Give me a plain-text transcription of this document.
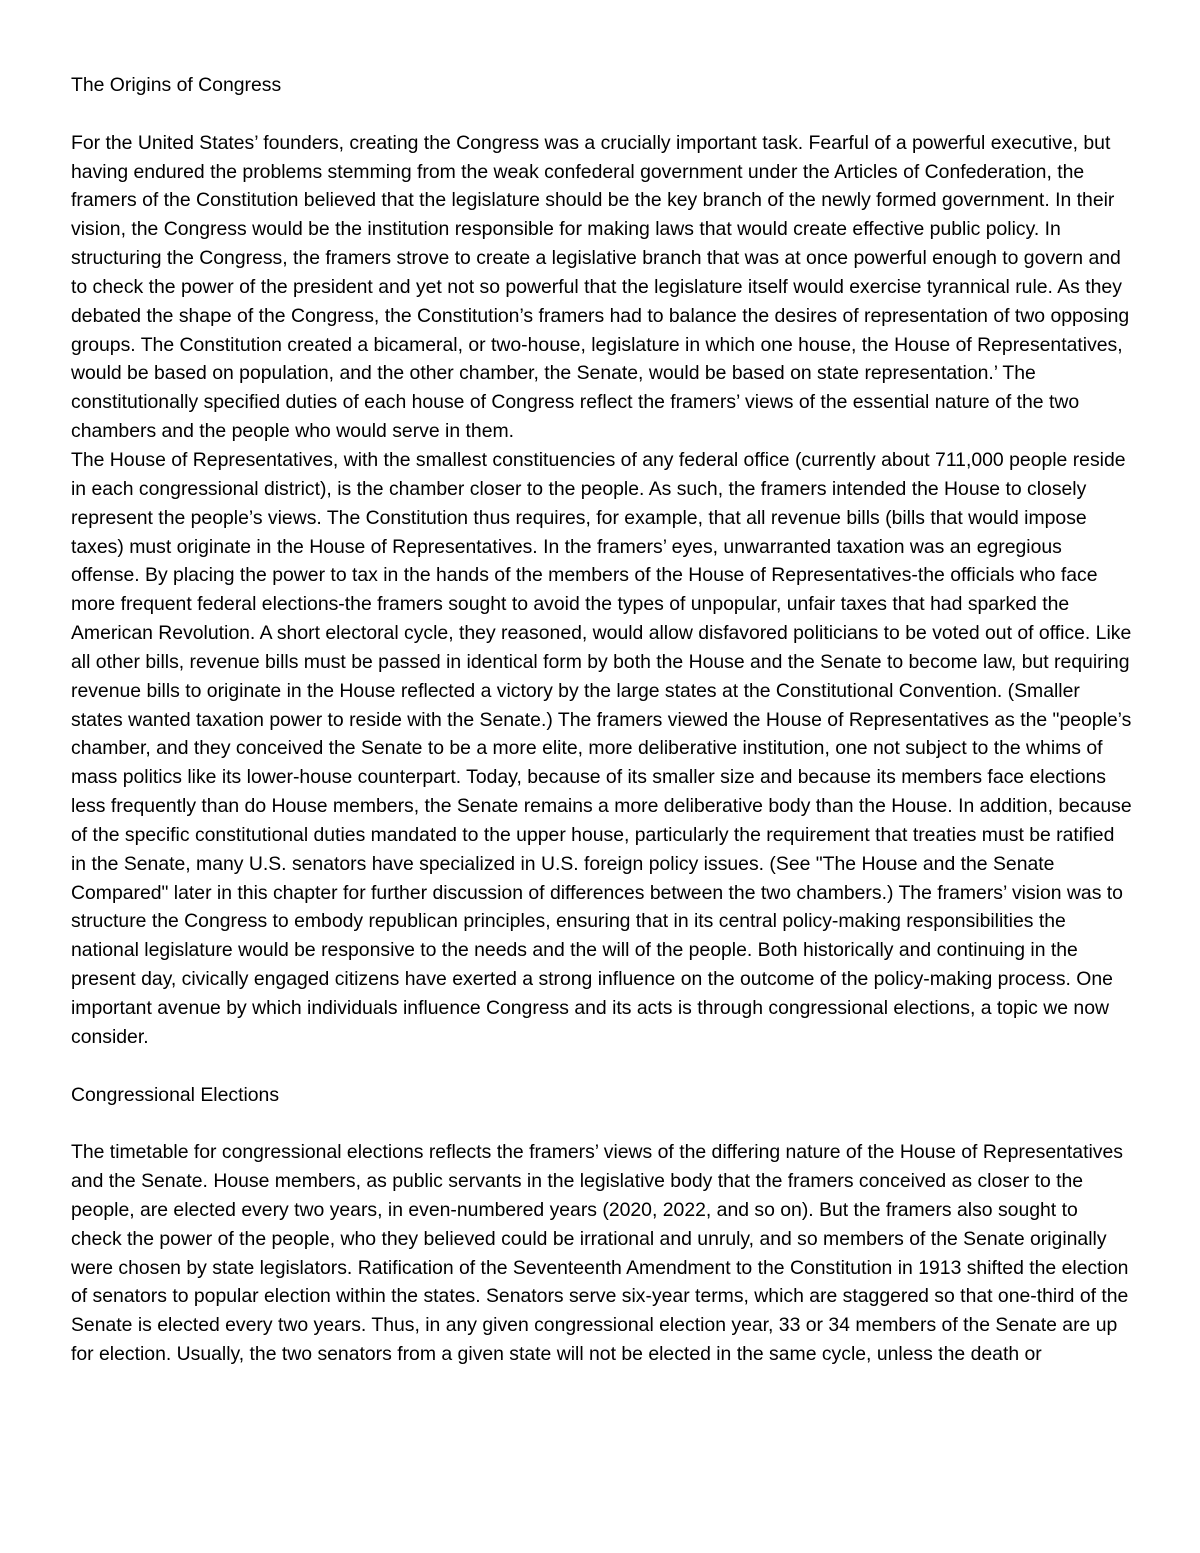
The Origins of Congress

For the United States’ founders, creating the Congress was a crucially important task. Fearful of a powerful executive, but having endured the problems stemming from the weak confederal government under the Articles of Confederation, the framers of the Constitution believed that the legislature should be the key branch of the newly formed government. In their vision, the Congress would be the institution responsible for making laws that would create effective public policy. In structuring the Congress, the framers strove to create a legislative branch that was at once powerful enough to govern and to check the power of the president and yet not so powerful that the legislature itself would exercise tyrannical rule. As they debated the shape of the Congress, the Constitution’s framers had to balance the desires of representation of two opposing groups. The Constitution created a bicameral, or two-house, legislature in which one house, the House of Representatives, would be based on population, and the other chamber, the Senate, would be based on state representation.’ The constitutionally specified duties of each house of Congress reflect the framers’ views of the essential nature of the two chambers and the people who would serve in them.

The House of Representatives, with the smallest constituencies of any federal office (currently about 711,000 people reside in each congressional district), is the chamber closer to the people. As such, the framers intended the House to closely represent the people’s views. The Constitution thus requires, for example, that all revenue bills (bills that would impose taxes) must originate in the House of Representatives. In the framers’ eyes, unwarranted taxation was an egregious offense. By placing the power to tax in the hands of the members of the House of Representatives-the officials who face more frequent federal elections-the framers sought to avoid the types of unpopular, unfair taxes that had sparked the American Revolution. A short electoral cycle, they reasoned, would allow disfavored politicians to be voted out of office. Like all other bills, revenue bills must be passed in identical form by both the House and the Senate to become law, but requiring revenue bills to originate in the House reflected a victory by the large states at the Constitutional Convention. (Smaller states wanted taxation power to reside with the Senate.) The framers viewed the House of Representatives as the "people’s chamber, and they conceived the Senate to be a more elite, more deliberative institution, one not subject to the whims of mass politics like its lower-house counterpart. Today, because of its smaller size and because its members face elections less frequently than do House members, the Senate remains a more deliberative body than the House. In addition, because of the specific constitutional duties mandated to the upper house, particularly the requirement that treaties must be ratified in the Senate, many U.S. senators have specialized in U.S. foreign policy issues. (See "The House and the Senate Compared" later in this chapter for further discussion of differences between the two chambers.) The framers’ vision was to structure the Congress to embody republican principles, ensuring that in its central policy-making responsibilities the national legislature would be responsive to the needs and the will of the people. Both historically and continuing in the present day, civically engaged citizens have exerted a strong influence on the outcome of the policy-making process. One important avenue by which individuals influence Congress and its acts is through congressional elections, a topic we now consider.

Congressional Elections

The timetable for congressional elections reflects the framers’ views of the differing nature of the House of Representatives and the Senate. House members, as public servants in the legislative body that the framers conceived as closer to the people, are elected every two years, in even-numbered years (2020, 2022, and so on). But the framers also sought to check the power of the people, who they believed could be irrational and unruly, and so members of the Senate originally were chosen by state legislators. Ratification of the Seventeenth Amendment to the Constitution in 1913 shifted the election of senators to popular election within the states. Senators serve six-year terms, which are staggered so that one-third of the Senate is elected every two years. Thus, in any given congressional election year, 33 or 34 members of the Senate are up for election. Usually, the two senators from a given state will not be elected in the same cycle, unless the death or
